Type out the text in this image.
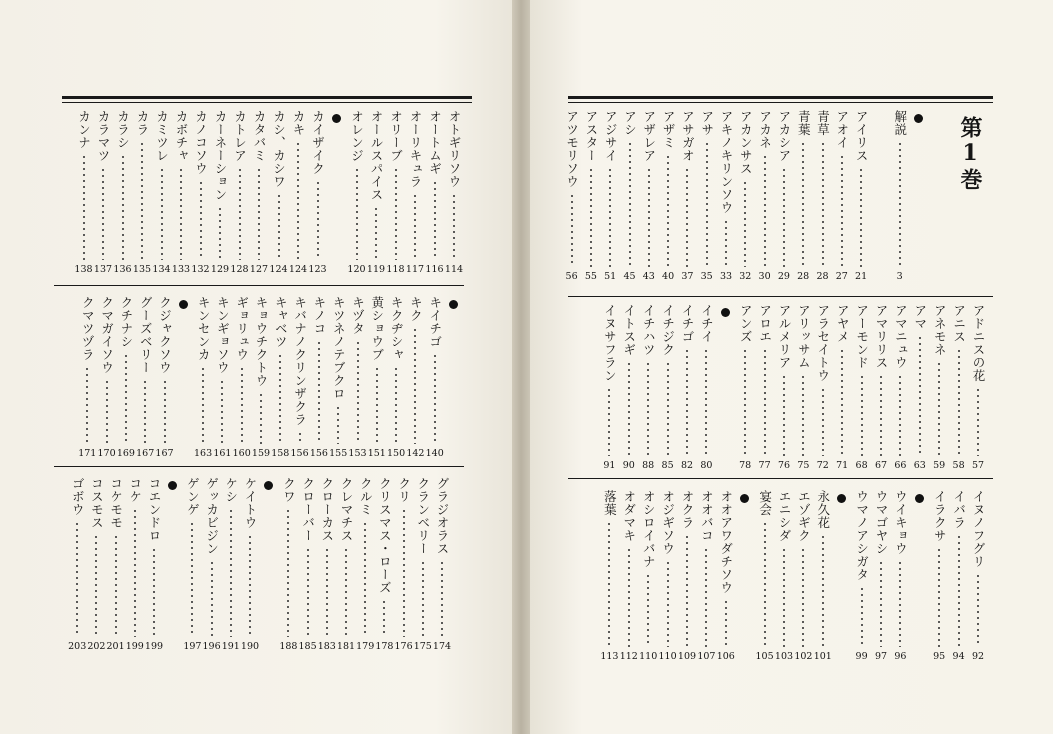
第1巻
オトギリソウ
114
オートムギ
116
オーリキュラ
117
オリーブ
118
オールスパイス
119
オレンジ
120
カイザイク
123
カキ
124
カシ、カシワ
124
カタバミ
127
カトレア
128
カーネーション
129
カノコソウ
132
カボチャ
133
カミツレ
134
カラ
135
カラシ
136
カラマツ
137
カンナ
138
キイチゴ
140
キク
142
キクヂシャ
150
黄ショウブ
151
キヅタ
153
キツネノテブクロ
155
キノコ
156
キバナノクリンザクラ
156
キャベツ
158
キョウチクトウ
159
ギョリュウ
160
キンギョソウ
161
キンセンカ
163
クジャクソウ
167
グーズベリー
167
クチナシ
169
クマガイソウ
170
クマツヅラ
171
グラジオラス
174
クランベリー
175
クリ
176
クリスマス・ローズ
178
クルミ
179
クレマチス
181
クローカス
183
クローバー
185
クワ
188
ケイトウ
190
ケシ
191
ゲッカビジン
196
ゲンゲ
197
コエンドロ
199
コケ
199
コケモモ
201
コスモス
202
ゴボウ
203
解説
3
アイリス
21
アオイ
27
青草
28
青葉
28
アカシア
29
アカネ
30
アカンサス
32
アキノキリンソウ
33
アサ
35
アサガオ
37
アザミ
40
アザレア
43
アシ
45
アジサイ
51
アスター
55
アツモリソウ
56
アドニスの花
57
アニス
58
アネモネ
59
アマ
63
アマニュウ
66
アマリリス
67
アーモンド
68
アヤメ
71
アラセイトウ
72
アリッサム
75
アルメリア
76
アロエ
77
アンズ
78
イチイ
80
イチゴ
82
イチジク
85
イチハツ
88
イトスギ
90
イヌサフラン
91
イヌノフグリ
92
イバラ
94
イラクサ
95
ウイキョウ
96
ウマゴヤシ
97
ウマノアシガタ
99
永久花
101
エゾギク
102
エニシダ
103
宴会
105
オオアワダチソウ
106
オオバコ
107
オクラ
109
オジギソウ
110
オシロイバナ
110
オダマキ
112
落葉
113
